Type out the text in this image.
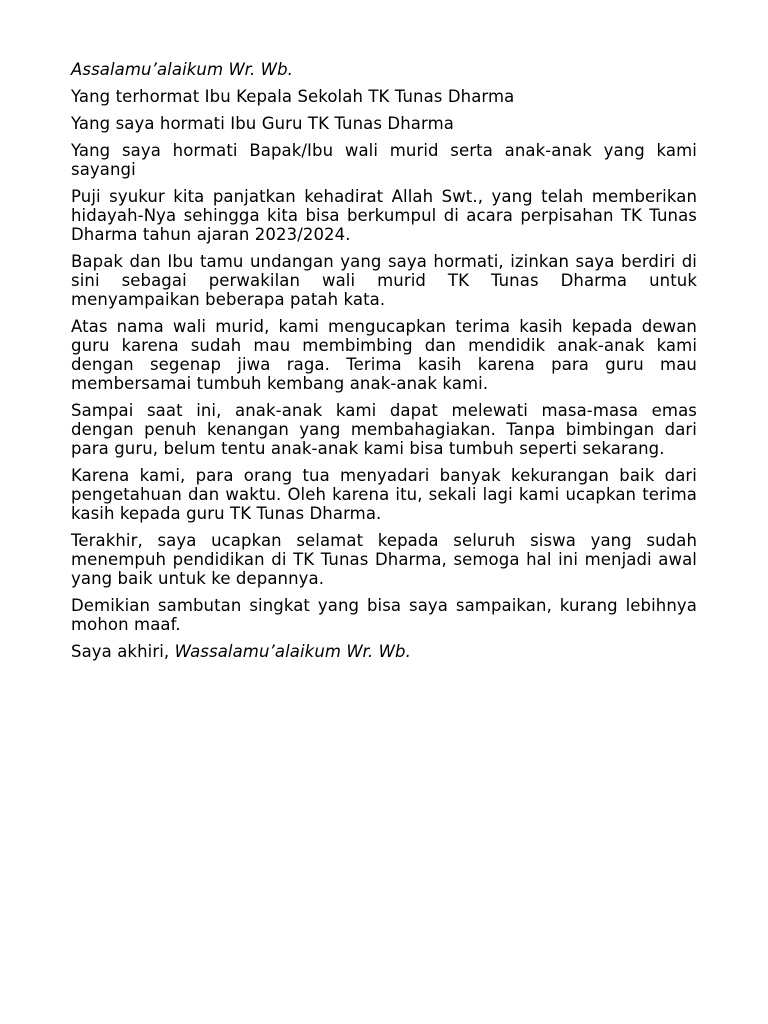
Assalamu’alaikum Wr. Wb.

Yang terhormat Ibu Kepala Sekolah TK Tunas Dharma

Yang saya hormati Ibu Guru TK Tunas Dharma

Yang saya hormati Bapak/Ibu wali murid serta anak-anak yang kami sayangi

Puji syukur kita panjatkan kehadirat Allah Swt., yang telah memberikan hidayah-Nya sehingga kita bisa berkumpul di acara perpisahan TK Tunas Dharma tahun ajaran 2023/2024.

Bapak dan Ibu tamu undangan yang saya hormati, izinkan saya berdiri di sini sebagai perwakilan wali murid TK Tunas Dharma untuk menyampaikan beberapa patah kata.

Atas nama wali murid, kami mengucapkan terima kasih kepada dewan guru karena sudah mau membimbing dan mendidik anak-anak kami dengan segenap jiwa raga. Terima kasih karena para guru mau membersamai tumbuh kembang anak-anak kami.

Sampai saat ini, anak-anak kami dapat melewati masa-masa emas dengan penuh kenangan yang membahagiakan. Tanpa bimbingan dari para guru, belum tentu anak-anak kami bisa tumbuh seperti sekarang.

Karena kami, para orang tua menyadari banyak kekurangan baik dari pengetahuan dan waktu. Oleh karena itu, sekali lagi kami ucapkan terima kasih kepada guru TK Tunas Dharma.

Terakhir, saya ucapkan selamat kepada seluruh siswa yang sudah menempuh pendidikan di TK Tunas Dharma, semoga hal ini menjadi awal yang baik untuk ke depannya.

Demikian sambutan singkat yang bisa saya sampaikan, kurang lebihnya mohon maaf.

Saya akhiri, Wassalamu’alaikum Wr. Wb.
